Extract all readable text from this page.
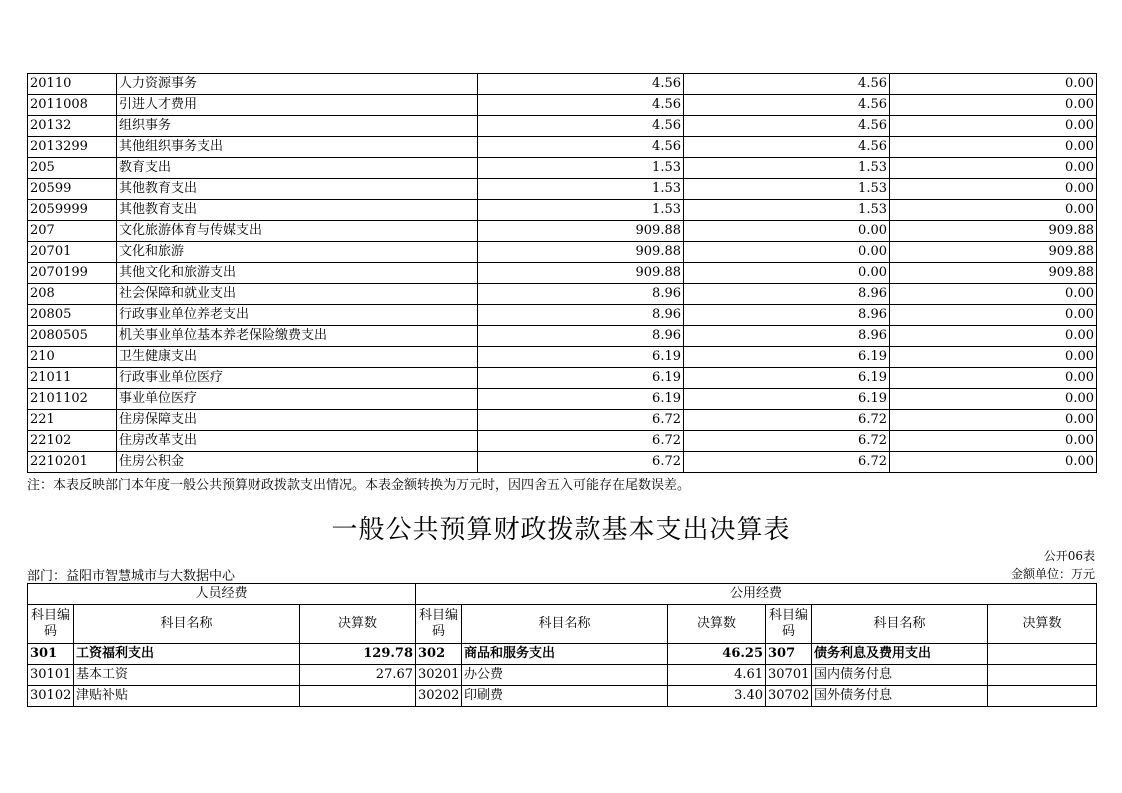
20110	人力资源事务	4.56	4.56	0.00
2011008	引进人才费用	4.56	4.56	0.00
20132	组织事务	4.56	4.56	0.00
2013299	其他组织事务支出	4.56	4.56	0.00
205	教育支出	1.53	1.53	0.00
20599	其他教育支出	1.53	1.53	0.00
2059999	其他教育支出	1.53	1.53	0.00
207	文化旅游体育与传媒支出	909.88	0.00	909.88
20701	文化和旅游	909.88	0.00	909.88
2070199	其他文化和旅游支出	909.88	0.00	909.88
208	社会保障和就业支出	8.96	8.96	0.00
20805	行政事业单位养老支出	8.96	8.96	0.00
2080505	机关事业单位基本养老保险缴费支出	8.96	8.96	0.00
210	卫生健康支出	6.19	6.19	0.00
21011	行政事业单位医疗	6.19	6.19	0.00
2101102	事业单位医疗	6.19	6.19	0.00
221	住房保障支出	6.72	6.72	0.00
22102	住房改革支出	6.72	6.72	0.00
2210201	住房公积金	6.72	6.72	0.00
注：本表反映部门本年度一般公共预算财政拨款支出情况。本表金额转换为万元时，因四舍五入可能存在尾数误差。
一般公共预算财政拨款基本支出决算表
公开06表
部门：益阳市智慧城市与大数据中心	金额单位：万元
人员经费			公用经费					
科目编码	科目名称	决算数	科目编码	科目名称	决算数	科目编码	科目名称	决算数
301	工资福利支出	129.78	302	商品和服务支出	46.25	307	债务利息及费用支出	
30101	基本工资	27.67	30201	办公费	4.61	30701	国内债务付息	
30102	津贴补贴		30202	印刷费	3.40	30702	国外债务付息	
